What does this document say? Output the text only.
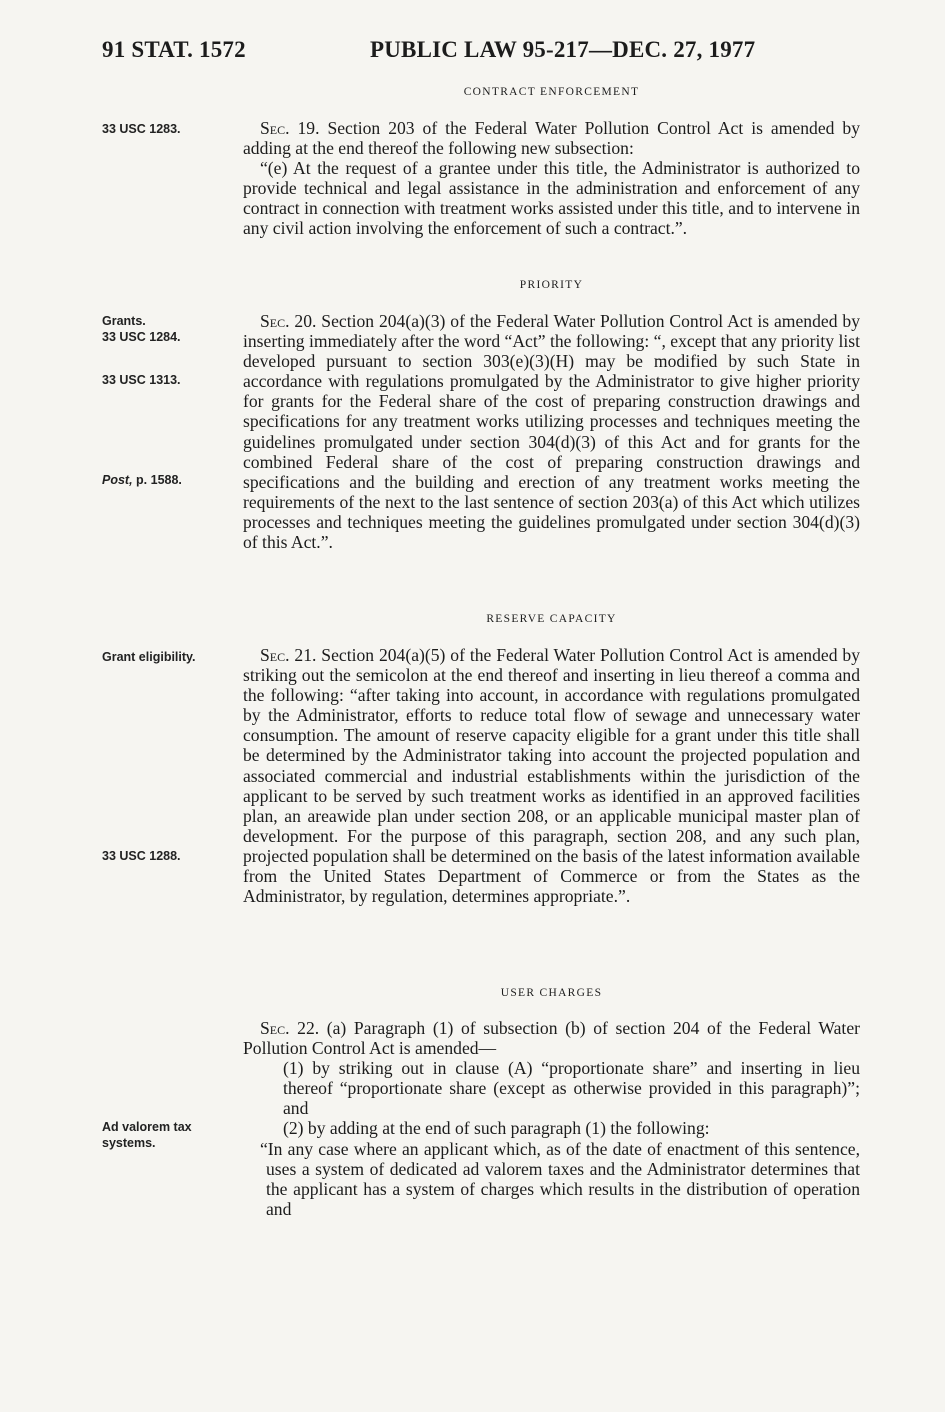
91 STAT. 1572	PUBLIC LAW 95-217—DEC. 27, 1977
CONTRACT ENFORCEMENT
33 USC 1283.	Sec. 19. Section 203 of the Federal Water Pollution Control Act is amended by adding at the end thereof the following new subsection:

“(e) At the request of a grantee under this title, the Administrator is authorized to provide technical and legal assistance in the administration and enforcement of any contract in connection with treatment works assisted under this title, and to intervene in any civil action involving the enforcement of such a contract.”.

PRIORITY
Grants.
33 USC 1284.
33 USC 1313.
Post, p. 1588.

Sec. 20. Section 204(a)(3) of the Federal Water Pollution Control Act is amended by inserting immediately after the word “Act” the following: “, except that any priority list developed pursuant to section 303(e)(3)(H) may be modified by such State in accordance with regulations promulgated by the Administrator to give higher priority for grants for the Federal share of the cost of preparing construction drawings and specifications for any treatment works utilizing processes and techniques meeting the guidelines promulgated under section 304(d)(3) of this Act and for grants for the combined Federal share of the cost of preparing construction drawings and specifications and the building and erection of any treatment works meeting the requirements of the next to the last sentence of section 203(a) of this Act which utilizes processes and techniques meeting the guidelines promulgated under section 304(d)(3) of this Act.”.

RESERVE CAPACITY
Grant eligibility.
33 USC 1288.

Sec. 21. Section 204(a)(5) of the Federal Water Pollution Control Act is amended by striking out the semicolon at the end thereof and inserting in lieu thereof a comma and the following: “after taking into account, in accordance with regulations promulgated by the Administrator, efforts to reduce total flow of sewage and unnecessary water consumption. The amount of reserve capacity eligible for a grant under this title shall be determined by the Administrator taking into account the projected population and associated commercial and industrial establishments within the jurisdiction of the applicant to be served by such treatment works as identified in an approved facilities plan, an areawide plan under section 208, or an applicable municipal master plan of development. For the purpose of this paragraph, section 208, and any such plan, projected population shall be determined on the basis of the latest information available from the United States Department of Commerce or from the States as the Administrator, by regulation, determines appropriate.”.

USER CHARGES
Ad valorem tax
systems.

Sec. 22. (a) Paragraph (1) of subsection (b) of section 204 of the Federal Water Pollution Control Act is amended—

(1) by striking out in clause (A) “proportionate share” and inserting in lieu thereof “proportionate share (except as otherwise provided in this paragraph)”; and

(2) by adding at the end of such paragraph (1) the following:

“In any case where an applicant which, as of the date of enactment of this sentence, uses a system of dedicated ad valorem taxes and the Administrator determines that the applicant has a system of charges which results in the distribution of operation and
